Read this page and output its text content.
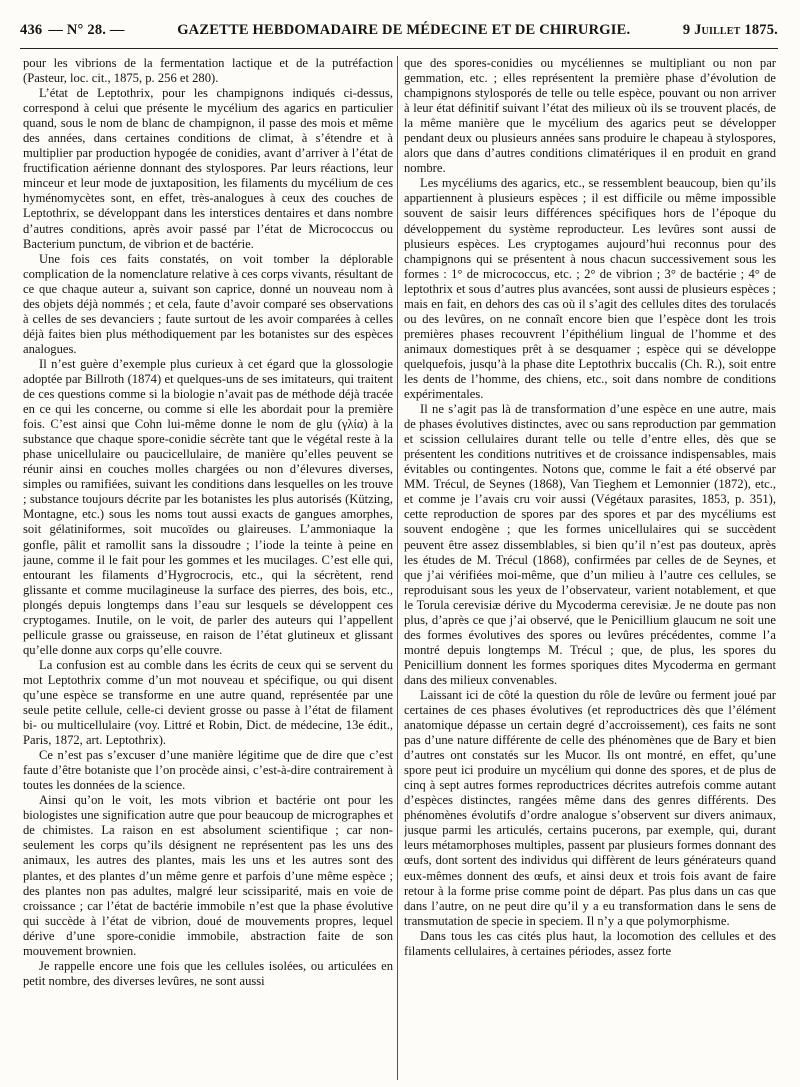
436 — N° 28. —	GAZETTE HEBDOMADAIRE DE MÉDECINE ET DE CHIRURGIE.	9 Juillet 1875.

pour les vibrions de la fermentation lactique et de la putréfaction (Pasteur, loc. cit., 1875, p. 256 et 280).

L’état de Leptothrix, pour les champignons indiqués ci-dessus, correspond à celui que présente le mycélium des agarics en particulier quand, sous le nom de blanc de champignon, il passe des mois et même des années, dans certaines conditions de climat, à s’étendre et à multiplier par production hypogée de conidies, avant d’arriver à l’état de fructification aérienne donnant des stylospores. Par leurs réactions, leur minceur et leur mode de juxtaposition, les filaments du mycélium de ces hyménomycètes sont, en effet, très-analogues à ceux des couches de Leptothrix, se développant dans les interstices dentaires et dans nombre d’autres conditions, après avoir passé par l’état de Micrococcus ou Bacterium punctum, de vibrion et de bactérie.

Une fois ces faits constatés, on voit tomber la déplorable complication de la nomenclature relative à ces corps vivants, résultant de ce que chaque auteur a, suivant son caprice, donné un nouveau nom à des objets déjà nommés ; et cela, faute d’avoir comparé ses observations à celles de ses devanciers ; faute surtout de les avoir comparées à celles déjà faites bien plus méthodiquement par les botanistes sur des espèces analogues.

Il n’est guère d’exemple plus curieux à cet égard que la glossologie adoptée par Billroth (1874) et quelques-uns de ses imitateurs, qui traitent de ces questions comme si la biologie n’avait pas de méthode déjà tracée en ce qui les concerne, ou comme si elle les abordait pour la première fois. C’est ainsi que Cohn lui-même donne le nom de glu (γλία) à la substance que chaque spore-conidie sécrète tant que le végétal reste à la phase unicellulaire ou paucicellulaire, de manière qu’elles peuvent se réunir ainsi en couches molles chargées ou non d’élevures diverses, simples ou ramifiées, suivant les conditions dans lesquelles on les trouve ; substance toujours décrite par les botanistes les plus autorisés (Kützing, Montagne, etc.) sous les noms tout aussi exacts de gangues amorphes, soit gélatiniformes, soit mucoïdes ou glaireuses. L’ammoniaque la gonfle, pâlit et ramollit sans la dissoudre ; l’iode la teinte à peine en jaune, comme il le fait pour les gommes et les mucilages. C’est elle qui, entourant les filaments d’Hygrocrocis, etc., qui la sécrètent, rend glissante et comme mucilagineuse la surface des pierres, des bois, etc., plongés depuis longtemps dans l’eau sur lesquels se développent ces cryptogames. Inutile, on le voit, de parler des auteurs qui l’appellent pellicule grasse ou graisseuse, en raison de l’état glutineux et glissant qu’elle donne aux corps qu’elle couvre.

La confusion est au comble dans les écrits de ceux qui se servent du mot Leptothrix comme d’un mot nouveau et spécifique, ou qui disent qu’une espèce se transforme en une autre quand, représentée par une seule petite cellule, celle-ci devient grosse ou passe à l’état de filament bi- ou multicellulaire (voy. Littré et Robin, Dict. de médecine, 13e édit., Paris, 1872, art. Leptothrix).

Ce n’est pas s’excuser d’une manière légitime que de dire que c’est faute d’être botaniste que l’on procède ainsi, c’est-à-dire contrairement à toutes les données de la science.

Ainsi qu’on le voit, les mots vibrion et bactérie ont pour les biologistes une signification autre que pour beaucoup de micrographes et de chimistes. La raison en est absolument scientifique ; car non-seulement les corps qu’ils désignent ne représentent pas les uns des animaux, les autres des plantes, mais les uns et les autres sont des plantes, et des plantes d’un même genre et parfois d’une même espèce ; des plantes non pas adultes, malgré leur scissiparité, mais en voie de croissance ; car l’état de bactérie immobile n’est que la phase évolutive qui succède à l’état de vibrion, doué de mouvements propres, lequel dérive d’une spore-conidie immobile, abstraction faite de son mouvement brownien.

Je rappelle encore une fois que les cellules isolées, ou articulées en petit nombre, des diverses levûres, ne sont aussi

que des spores-conidies ou mycéliennes se multipliant ou non par gemmation, etc. ; elles représentent la première phase d’évolution de champignons stylosporés de telle ou telle espèce, pouvant ou non arriver à leur état définitif suivant l’état des milieux où ils se trouvent placés, de la même manière que le mycélium des agarics peut se développer pendant deux ou plusieurs années sans produire le chapeau à stylospores, alors que dans d’autres conditions climatériques il en produit en grand nombre.

Les mycéliums des agarics, etc., se ressemblent beaucoup, bien qu’ils appartiennent à plusieurs espèces ; il est difficile ou même impossible souvent de saisir leurs différences spécifiques hors de l’époque du développement du système reproducteur. Les levûres sont aussi de plusieurs espèces. Les cryptogames aujourd’hui reconnus pour des champignons qui se présentent à nous chacun successivement sous les formes : 1° de micrococcus, etc. ; 2° de vibrion ; 3° de bactérie ; 4° de leptothrix et sous d’autres plus avancées, sont aussi de plusieurs espèces ; mais en fait, en dehors des cas où il s’agit des cellules dites des torulacés ou des levûres, on ne connaît encore bien que l’espèce dont les trois premières phases recouvrent l’épithélium lingual de l’homme et des animaux domestiques prêt à se desquamer ; espèce qui se développe quelquefois, jusqu’à la phase dite Leptothrix buccalis (Ch. R.), soit entre les dents de l’homme, des chiens, etc., soit dans nombre de conditions expérimentales.

Il ne s’agit pas là de transformation d’une espèce en une autre, mais de phases évolutives distinctes, avec ou sans reproduction par gemmation et scission cellulaires durant telle ou telle d’entre elles, dès que se présentent les conditions nutritives et de croissance indispensables, mais évitables ou contingentes. Notons que, comme le fait a été observé par MM. Trécul, de Seynes (1868), Van Tieghem et Lemonnier (1872), etc., et comme je l’avais cru voir aussi (Végétaux parasites, 1853, p. 351), cette reproduction de spores par des spores et par des mycéliums est souvent endogène ; que les formes unicellulaires qui se succèdent peuvent être assez dissemblables, si bien qu’il n’est pas douteux, après les études de M. Trécul (1868), confirmées par celles de de Seynes, et que j’ai vérifiées moi-même, que d’un milieu à l’autre ces cellules, se reproduisant sous les yeux de l’observateur, varient notablement, et que le Torula cerevisiæ dérive du Mycoderma cerevisiæ. Je ne doute pas non plus, d’après ce que j’ai observé, que le Penicillium glaucum ne soit une des formes évolutives des spores ou levûres précédentes, comme l’a montré depuis longtemps M. Trécul ; que, de plus, les spores du Penicillium donnent les formes sporiques dites Mycoderma en germant dans des milieux convenables.

Laissant ici de côté la question du rôle de levûre ou ferment joué par certaines de ces phases évolutives (et reproductrices dès que l’élément anatomique dépasse un certain degré d’accroissement), ces faits ne sont pas d’une nature différente de celle des phénomènes que de Bary et bien d’autres ont constatés sur les Mucor. Ils ont montré, en effet, qu’une spore peut ici produire un mycélium qui donne des spores, et de plus de cinq à sept autres formes reproductrices décrites autrefois comme autant d’espèces distinctes, rangées même dans des genres différents. Des phénomènes évolutifs d’ordre analogue s’observent sur divers animaux, jusque parmi les articulés, certains pucerons, par exemple, qui, durant leurs métamorphoses multiples, passent par plusieurs formes donnant des œufs, dont sortent des individus qui diffèrent de leurs générateurs quand eux-mêmes donnent des œufs, et ainsi deux et trois fois avant de faire retour à la forme prise comme point de départ. Pas plus dans un cas que dans l’autre, on ne peut dire qu’il y a eu transformation dans le sens de transmutation de specie in speciem. Il n’y a que polymorphisme.

Dans tous les cas cités plus haut, la locomotion des cellules et des filaments cellulaires, à certaines périodes, assez forte
